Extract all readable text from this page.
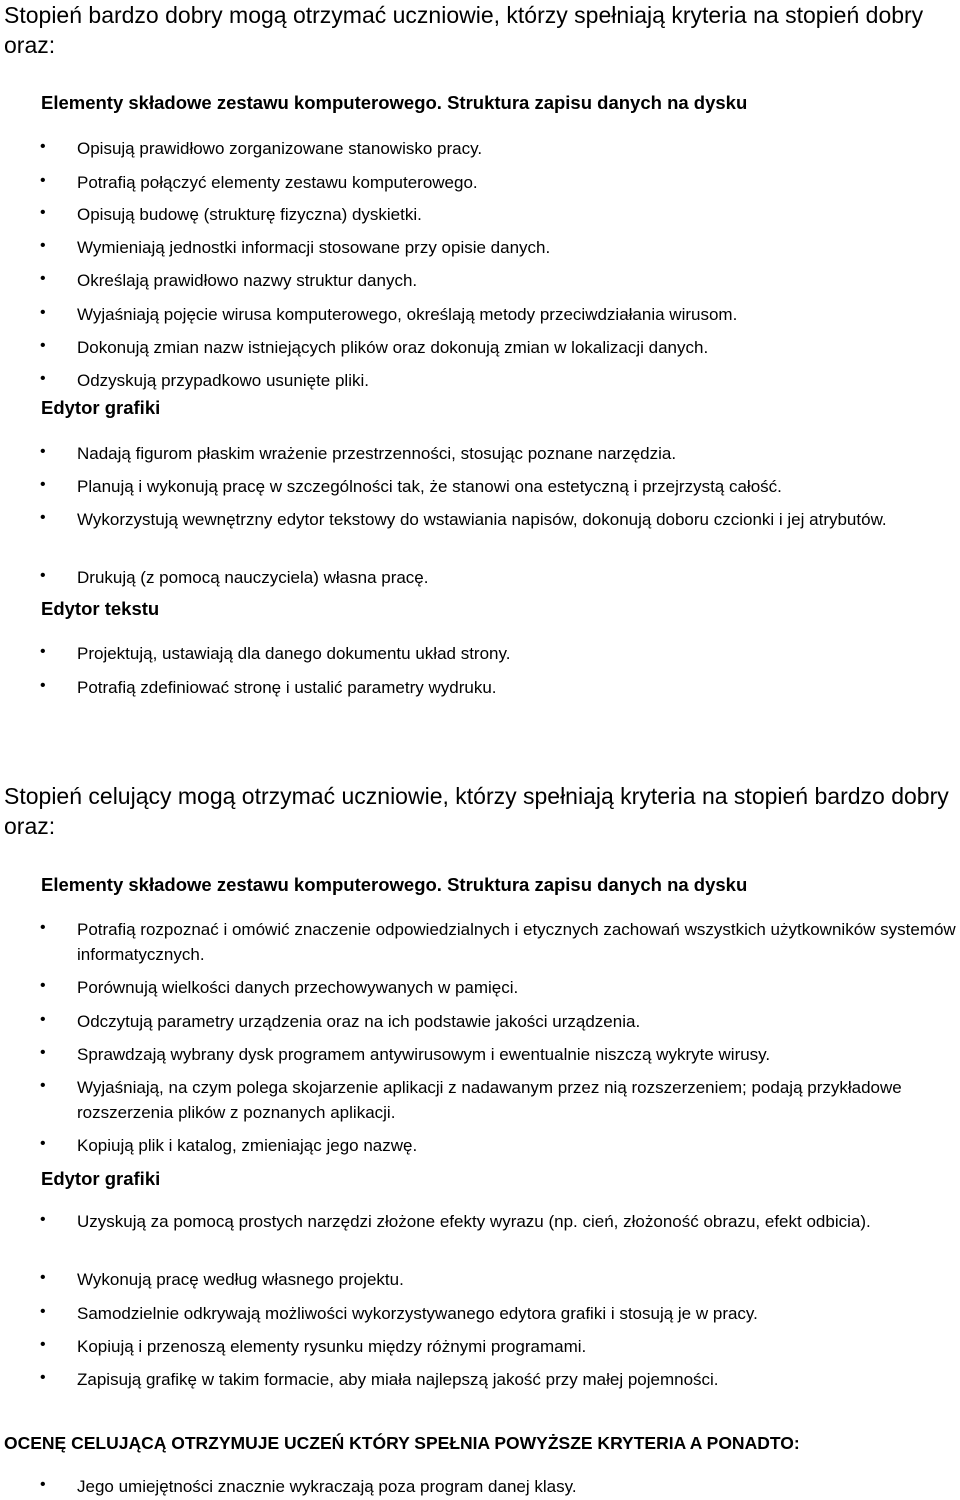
Stopień bardzo dobry mogą otrzymać uczniowie, którzy spełniają kryteria na stopień dobry oraz:
Elementy składowe zestawu komputerowego. Struktura zapisu danych na dysku

• Opisują prawidłowo zorganizowane stanowisko pracy.

• Potrafią połączyć elementy zestawu komputerowego.

• Opisują budowę (strukturę fizyczna) dyskietki.

• Wymieniają jednostki informacji stosowane przy opisie danych.

• Określają prawidłowo nazwy struktur danych.

• Wyjaśniają pojęcie wirusa komputerowego, określają metody przeciwdziałania wirusom.

• Dokonują zmian nazw istniejących plików oraz dokonują zmian w lokalizacji danych.

• Odzyskują przypadkowo usunięte pliki.

Edytor grafiki

• Nadają figurom płaskim wrażenie przestrzenności, stosując poznane narzędzia.

• Planują i wykonują pracę w szczególności tak, że stanowi ona estetyczną i przejrzystą całość.

• Wykorzystują wewnętrzny edytor tekstowy do wstawiania napisów, dokonują doboru czcionki i jej atrybutów.

• Drukują (z pomocą nauczyciela) własna pracę.

Edytor tekstu

• Projektują, ustawiają dla danego dokumentu układ strony.

• Potrafią zdefiniować stronę i ustalić parametry wydruku.

Stopień celujący mogą otrzymać uczniowie, którzy spełniają kryteria na stopień bardzo dobry oraz:
Elementy składowe zestawu komputerowego. Struktura zapisu danych na dysku

• Potrafią rozpoznać i omówić znaczenie odpowiedzialnych i etycznych zachowań wszystkich użytkowników systemów informatycznych.

• Porównują wielkości danych przechowywanych w pamięci.

• Odczytują parametry urządzenia oraz na ich podstawie jakości urządzenia.

• Sprawdzają wybrany dysk programem antywirusowym i ewentualnie niszczą wykryte wirusy.

• Wyjaśniają, na czym polega skojarzenie aplikacji z nadawanym przez nią rozszerzeniem; podają przykładowe rozszerzenia plików z poznanych aplikacji.

• Kopiują plik i katalog, zmieniając jego nazwę.

Edytor grafiki

• Uzyskują za pomocą prostych narzędzi złożone efekty wyrazu (np. cień, złożoność obrazu, efekt odbicia).

• Wykonują pracę według własnego projektu.

• Samodzielnie odkrywają możliwości wykorzystywanego edytora grafiki i stosują je w pracy.

• Kopiują i przenoszą elementy rysunku między różnymi programami.

• Zapisują grafikę w takim formacie, aby miała najlepszą jakość przy małej pojemności.

OCENĘ CELUJĄCĄ OTRZYMUJE UCZEŃ KTÓRY SPEŁNIA POWYŻSZE KRYTERIA A PONADTO:

• Jego umiejętności znacznie wykraczają poza program danej klasy.
